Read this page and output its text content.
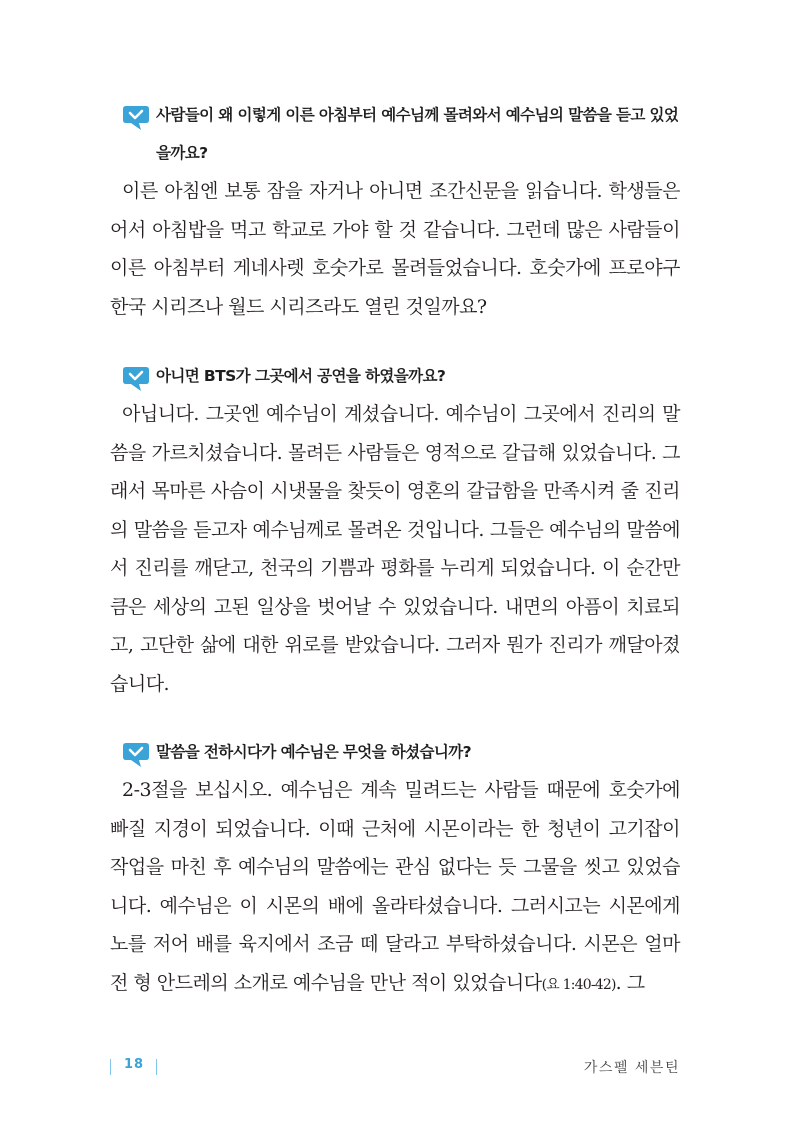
사람들이 왜 이렇게 이른 아침부터 예수님께 몰려와서 예수님의 말씀을 듣고 있었을까요?

이른 아침엔 보통 잠을 자거나 아니면 조간신문을 읽습니다. 학생들은 어서 아침밥을 먹고 학교로 가야 할 것 같습니다. 그런데 많은 사람들이 이른 아침부터 게네사렛 호숫가로 몰려들었습니다. 호숫가에 프로야구 한국 시리즈나 월드 시리즈라도 열린 것일까요?

아니면 BTS가 그곳에서 공연을 하였을까요?

아닙니다. 그곳엔 예수님이 계셨습니다. 예수님이 그곳에서 진리의 말씀을 가르치셨습니다. 몰려든 사람들은 영적으로 갈급해 있었습니다. 그래서 목마른 사슴이 시냇물을 찾듯이 영혼의 갈급함을 만족시켜 줄 진리의 말씀을 듣고자 예수님께로 몰려온 것입니다. 그들은 예수님의 말씀에서 진리를 깨닫고, 천국의 기쁨과 평화를 누리게 되었습니다. 이 순간만큼은 세상의 고된 일상을 벗어날 수 있었습니다. 내면의 아픔이 치료되고, 고단한 삶에 대한 위로를 받았습니다. 그러자 뭔가 진리가 깨달아졌습니다.

말씀을 전하시다가 예수님은 무엇을 하셨습니까?

2-3절을 보십시오. 예수님은 계속 밀려드는 사람들 때문에 호숫가에 빠질 지경이 되었습니다. 이때 근처에 시몬이라는 한 청년이 고기잡이 작업을 마친 후 예수님의 말씀에는 관심 없다는 듯 그물을 씻고 있었습니다. 예수님은 이 시몬의 배에 올라타셨습니다. 그러시고는 시몬에게 노를 저어 배를 육지에서 조금 떼 달라고 부탁하셨습니다. 시몬은 얼마 전 형 안드레의 소개로 예수님을 만난 적이 있었습니다(요 1:40-42). 그

18	가스펠 세븐틴
